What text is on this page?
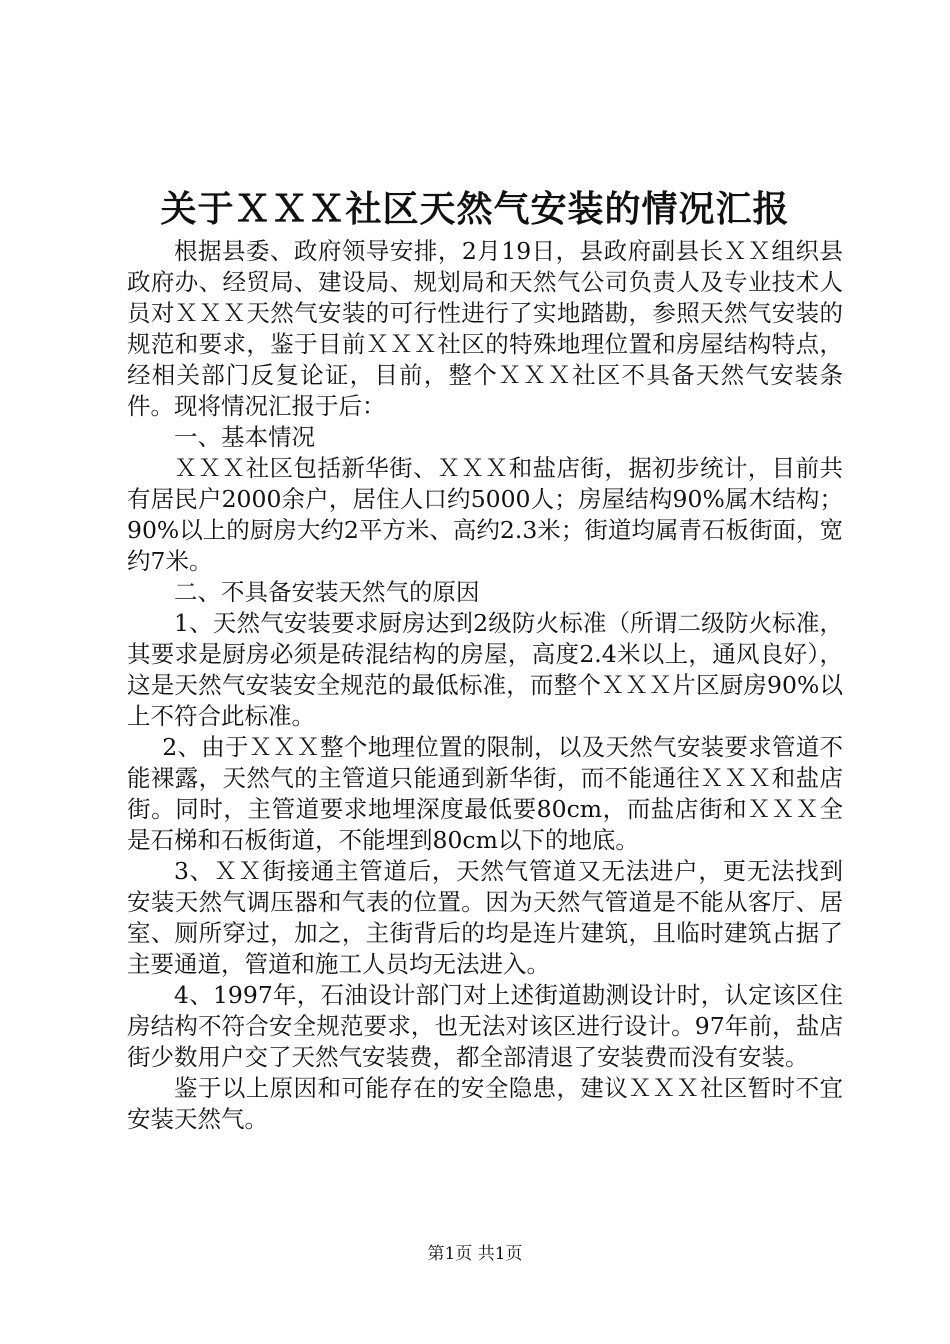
关于ＸＸＸ社区天然气安装的情况汇报

根据县委、政府领导安排，2月19日，县政府副县长ＸＸ组织县政府办、经贸局、建设局、规划局和天然气公司负责人及专业技术人员对ＸＸＸ天然气安装的可行性进行了实地踏勘，参照天然气安装的规范和要求，鉴于目前ＸＸＸ社区的特殊地理位置和房屋结构特点，经相关部门反复论证，目前，整个ＸＸＸ社区不具备天然气安装条件。现将情况汇报于后：

一、基本情况

ＸＸＸ社区包括新华街、ＸＸＸ和盐店街，据初步统计，目前共有居民户2000余户，居住人口约5000人；房屋结构90%属木结构；90%以上的厨房大约2平方米、高约2.3米；街道均属青石板街面，宽约7米。

二、不具备安装天然气的原因

1、天然气安装要求厨房达到2级防火标准（所谓二级防火标准，其要求是厨房必须是砖混结构的房屋，高度2.4米以上，通风良好），这是天然气安装安全规范的最低标准，而整个ＸＸＸ片区厨房90%以上不符合此标准。

2、由于ＸＸＸ整个地理位置的限制，以及天然气安装要求管道不能裸露，天然气的主管道只能通到新华街，而不能通往ＸＸＸ和盐店街。同时，主管道要求地埋深度最低要80cm，而盐店街和ＸＸＸ全是石梯和石板街道，不能埋到80cm以下的地底。

3、ＸＸ街接通主管道后，天然气管道又无法进户，更无法找到安装天然气调压器和气表的位置。因为天然气管道是不能从客厅、居室、厕所穿过，加之，主街背后的均是连片建筑，且临时建筑占据了主要通道，管道和施工人员均无法进入。

4、1997年，石油设计部门对上述街道勘测设计时，认定该区住房结构不符合安全规范要求，也无法对该区进行设计。97年前，盐店街少数用户交了天然气安装费，都全部清退了安装费而没有安装。

鉴于以上原因和可能存在的安全隐患，建议ＸＸＸ社区暂时不宜安装天然气。

第1页 共1页
